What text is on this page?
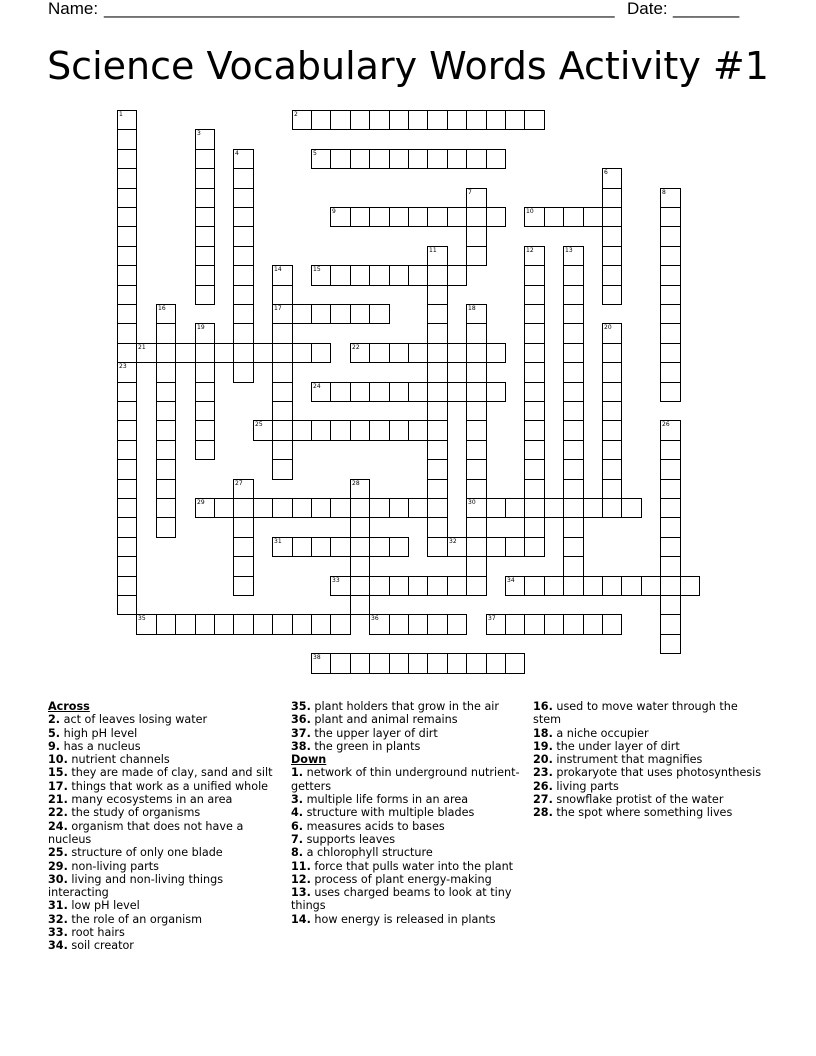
Name: ______________________________________________________ Date: _______
Science Vocabulary Words Activity #1
2
5
9	10
15
17
21	22
24
25
29	30
31	32
33	34
35	36	37
38
1
3
4
6
7	8
11	12	13
14
16	18
19	20
23
26
27	28
Across
2. act of leaves losing water
5. high pH level
9. has a nucleus
10. nutrient channels
15. they are made of clay, sand and silt
17. things that work as a unified whole
21. many ecosystems in an area
22. the study of organisms
24. organism that does not have a nucleus
25. structure of only one blade
29. non-living parts
30. living and non-living things interacting
31. low pH level
32. the role of an organism
33. root hairs
34. soil creator
35. plant holders that grow in the air
36. plant and animal remains
37. the upper layer of dirt
38. the green in plants
Down
1. network of thin underground nutrient-getters
3. multiple life forms in an area
4. structure with multiple blades
6. measures acids to bases
7. supports leaves
8. a chlorophyll structure
11. force that pulls water into the plant
12. process of plant energy-making
13. uses charged beams to look at tiny things
14. how energy is released in plants
16. used to move water through the stem
18. a niche occupier
19. the under layer of dirt
20. instrument that magnifies
23. prokaryote that uses photosynthesis
26. living parts
27. snowflake protist of the water
28. the spot where something lives
